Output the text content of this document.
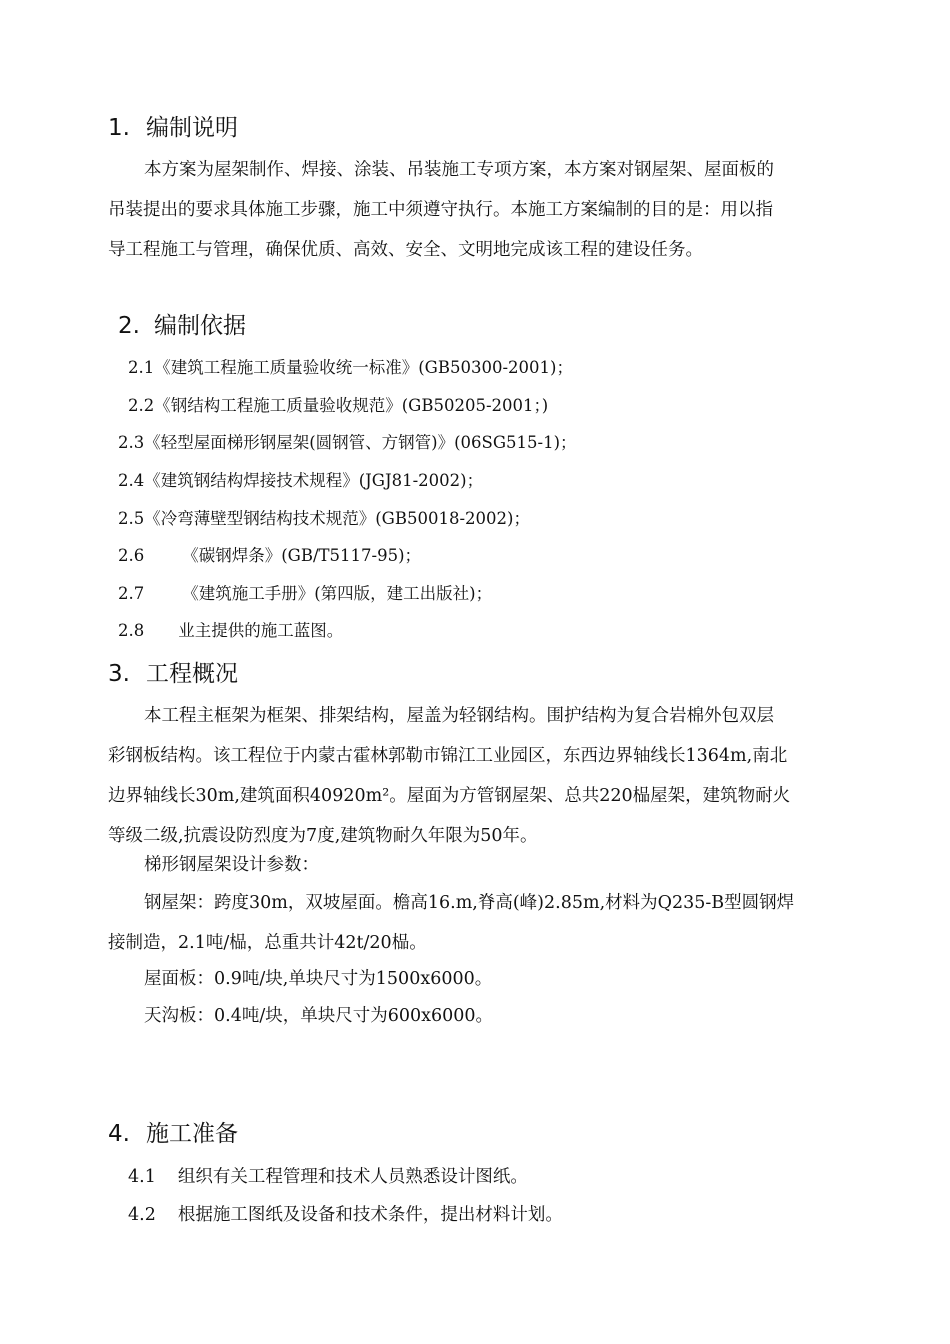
1. 编制说明
本方案为屋架制作、焊接、涂装、吊装施工专项方案，本方案对钢屋架、屋面板的
吊装提出的要求具体施工步骤，施工中须遵守执行。本施工方案编制的目的是：用以指
导工程施工与管理，确保优质、高效、安全、文明地完成该工程的建设任务。
2. 编制依据
2.1《建筑工程施工质量验收统一标准》(GB50300-2001)；
2.2《钢结构工程施工质量验收规范》(GB50205-2001；)
2.3《轻型屋面梯形钢屋架(圆钢管、方钢管)》(06SG515-1)；
2.4《建筑钢结构焊接技术规程》(JGJ81-2002)；
2.5《冷弯薄壁型钢结构技术规范》(GB50018-2002)；
2.6 《碳钢焊条》(GB/T5117-95)；
2.7 《建筑施工手册》(第四版，建工出版社)；
2.8 业主提供的施工蓝图。
3. 工程概况
本工程主框架为框架、排架结构，屋盖为轻钢结构。围护结构为复合岩棉外包双层
彩钢板结构。该工程位于内蒙古霍林郭勒市锦江工业园区，东西边界轴线长1364m,南北
边界轴线长30m,建筑面积40920m²。屋面为方管钢屋架、总共220榀屋架，建筑物耐火
等级二级,抗震设防烈度为7度,建筑物耐久年限为50年。
梯形钢屋架设计参数：
钢屋架：跨度30m，双坡屋面。檐高16.m,脊高(峰)2.85m,材料为Q235-B型圆钢焊
接制造，2.1吨/榀，总重共计42t/20榀。
屋面板：0.9吨/块,单块尺寸为1500x6000。
天沟板：0.4吨/块，单块尺寸为600x6000。
4. 施工准备
4.1 组织有关工程管理和技术人员熟悉设计图纸。
4.2 根据施工图纸及设备和技术条件，提出材料计划。
